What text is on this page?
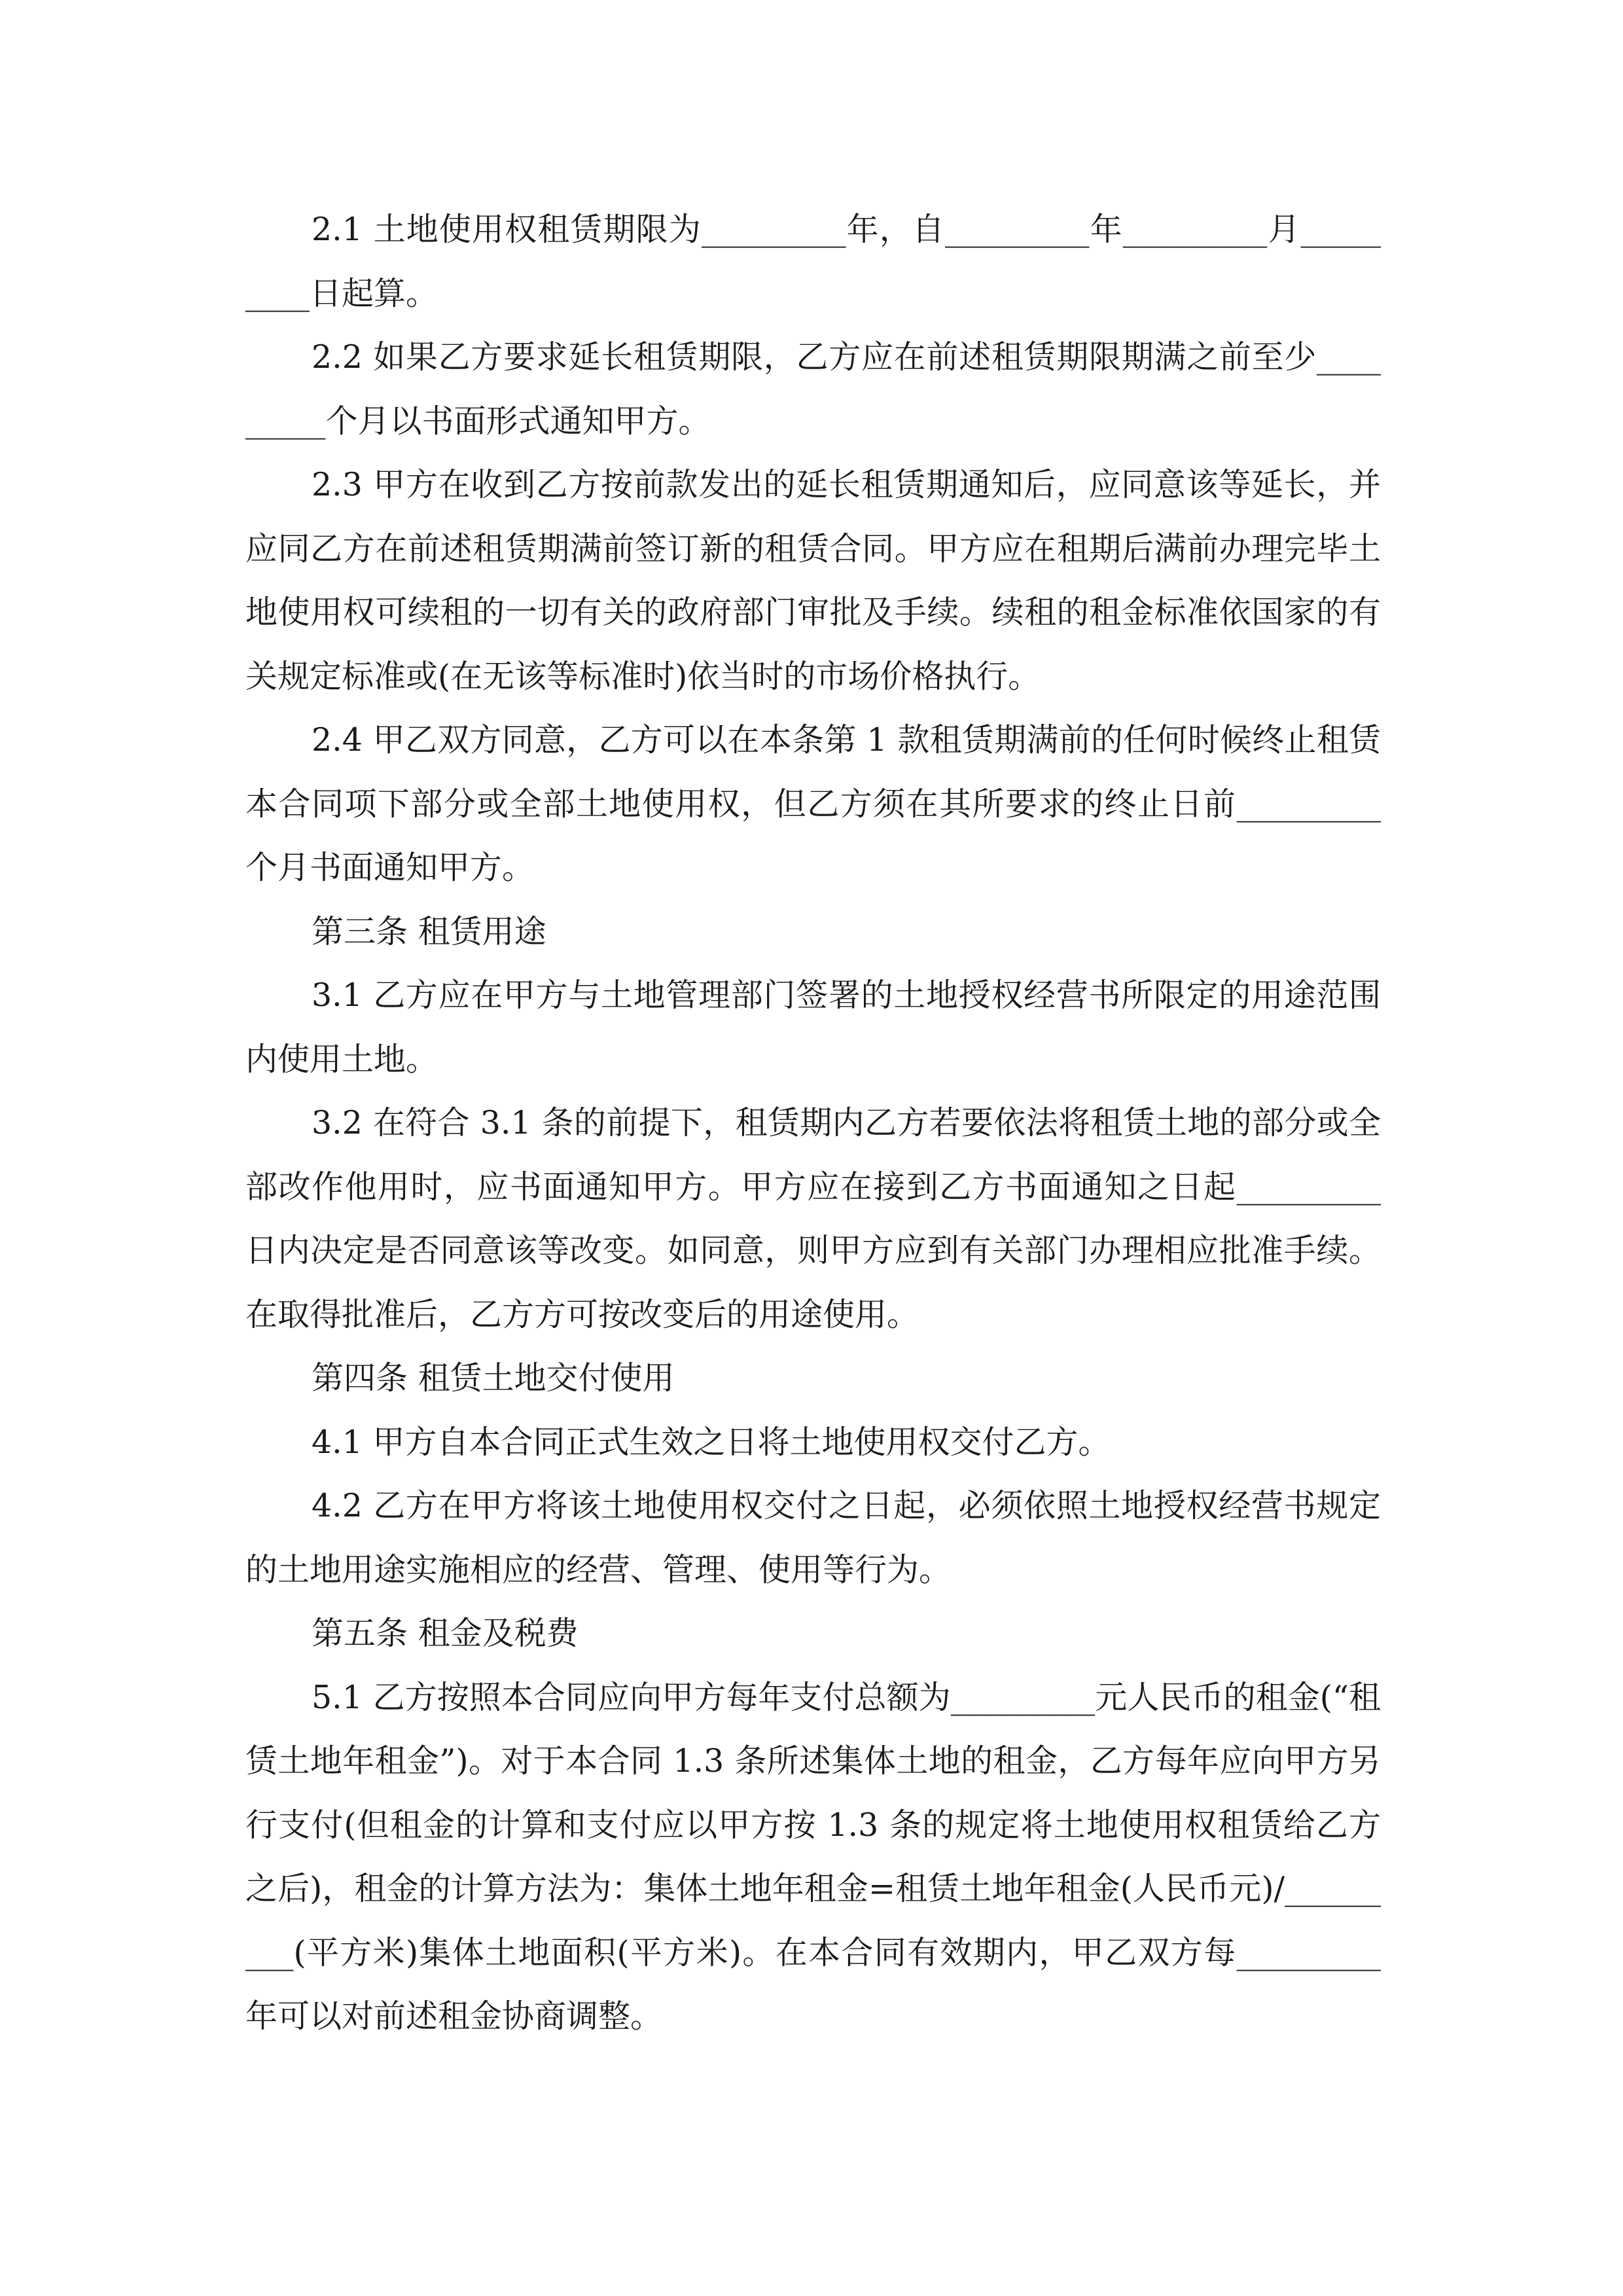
2.1 土地使用权租赁期限为_________年，自_________年_________月_________日起算。

2.2 如果乙方要求延长租赁期限，乙方应在前述租赁期限期满之前至少_________个月以书面形式通知甲方。

2.3 甲方在收到乙方按前款发出的延长租赁期通知后，应同意该等延长，并应同乙方在前述租赁期满前签订新的租赁合同。甲方应在租期后满前办理完毕土地使用权可续租的一切有关的政府部门审批及手续。续租的租金标准依国家的有关规定标准或(在无该等标准时)依当时的市场价格执行。

2.4 甲乙双方同意，乙方可以在本条第 1 款租赁期满前的任何时候终止租赁本合同项下部分或全部土地使用权，但乙方须在其所要求的终止日前_________个月书面通知甲方。

第三条 租赁用途

3.1 乙方应在甲方与土地管理部门签署的土地授权经营书所限定的用途范围内使用土地。

3.2 在符合 3.1 条的前提下，租赁期内乙方若要依法将租赁土地的部分或全部改作他用时，应书面通知甲方。甲方应在接到乙方书面通知之日起_________日内决定是否同意该等改变。如同意，则甲方应到有关部门办理相应批准手续。在取得批准后，乙方方可按改变后的用途使用。

第四条 租赁土地交付使用

4.1 甲方自本合同正式生效之日将土地使用权交付乙方。

4.2 乙方在甲方将该土地使用权交付之日起，必须依照土地授权经营书规定的土地用途实施相应的经营、管理、使用等行为。

第五条 租金及税费

5.1 乙方按照本合同应向甲方每年支付总额为_________元人民币的租金(“租赁土地年租金”)。对于本合同 1.3 条所述集体土地的租金，乙方每年应向甲方另行支付(但租金的计算和支付应以甲方按 1.3 条的规定将土地使用权租赁给乙方之后)，租金的计算方法为：集体土地年租金=租赁土地年租金(人民币元)/_________(平方米)集体土地面积(平方米)。在本合同有效期内，甲乙双方每_________年可以对前述租金协商调整。
